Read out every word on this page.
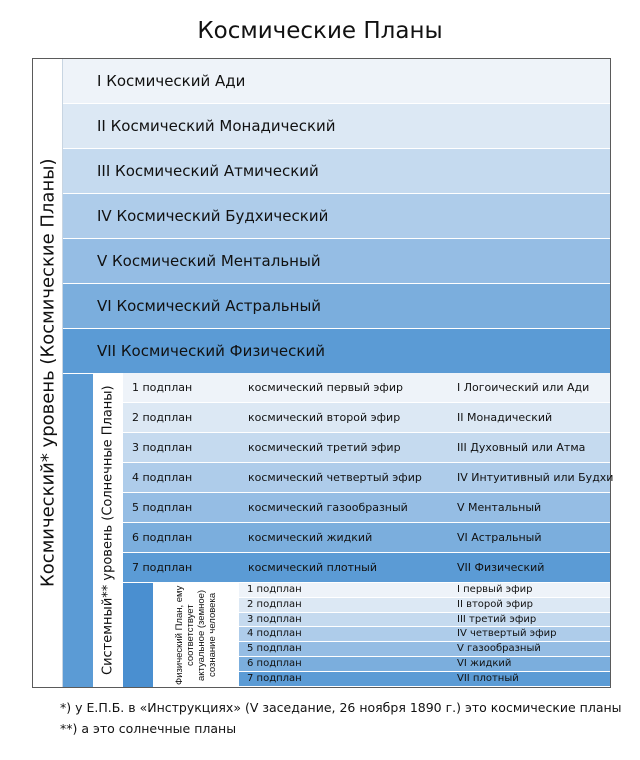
Космические Планы
Космический* уровень (Космические Планы)
I Космический Ади
II Космический Монадический
III Космический Атмический
IV Космический Будхический
V Космический Ментальный
VI Космический Астральный
VII Космический Физический
Системный** уровень (Солнечные Планы)	1 подплан	космический первый эфир	I Логоический или Ади
2 подплан	космический второй эфир	II Монадический
3 подплан	космический третий эфир	III Духовный или Атма
4 подплан	космический четвертый эфир	IV Интуитивный или Будхи
5 подплан	космический газообразный	V Ментальный
6 подплан	космический жидкий	VI Астральный
7 подплан	космический плотный	VII Физический
Физический План, ему соответствует актуальное (земное) сознание человека
1 подплан	I первый эфир
2 подплан	II второй эфир
3 подплан	III третий эфир
4 подплан	IV четвертый эфир
5 подплан	V газообразный
6 подплан	VI жидкий
7 подплан	VII плотный
*) у Е.П.Б. в «Инструкциях» (V заседание, 26 ноября 1890 г.) это космические планы
**) а это солнечные планы
